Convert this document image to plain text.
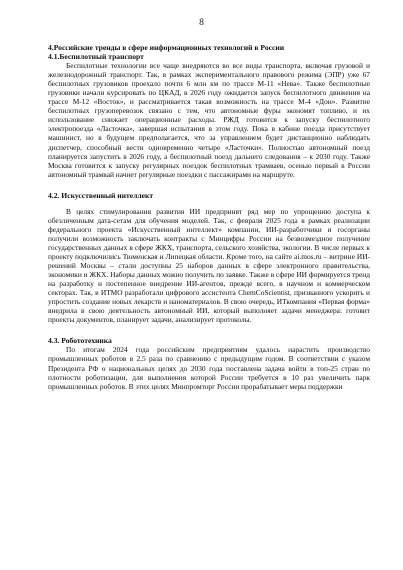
8
4.Российские тренды в сфере информационных технологий в России
4.1.Беспилотный транспорт

Беспилотные технологии все чаще внедряются во все виды транспорта, включая грузовой и железнодорожный транспорт. Так, в рамках экспериментального правового режима (ЭПР) уже 67 беспилотных грузовиков проехало почти 6 млн км по трассе М-11 «Нева». Также беспилотные грузовики начали курсировать по ЦКАД, в 2026 году ожидается запуск беспилотного движения на трассе М-12 «Восток», и рассматривается такая возможность на трассе М-4 «Дон». Развитие беспилотных грузоперевозок связано с тем, что автономные фуры экономят топливо, и их использование снижает операционные расходы. РЖД готовится к запуску беспилотного электропоезда «Ласточка», завершая испытания в этом году. Пока в кабине поезда присутствует машинист, но в будущем предполагается, что за управлением будет дистанционно наблюдать диспетчер, способный вести одновременно четыре «Ласточки». Полностью автономный поезд планируется запустить в 2026 году, а беспилотный поезд дальнего следования – к 2030 году. Также Москва готовится к запуску регулярных поездок беспилотных трамваев, осенью первый в России автономный трамвай начнет регулярные поездки с пассажирами на маршруте.

4.2. Искусственный интеллект

В целях стимулирования развития ИИ предпринят ряд мер по упрощению доступа к обезличенным дата-сетам для обучения моделей. Так, с февраля 2025 года в рамках реализации федерального проекта «Искусственный интеллект» компании, ИИ-разработчики и госорганы получили возможность заключать контракты с Минцифры России на безвозмездное получение государственных данных в сфере ЖКХ, транспорта, сельского хозяйства, экологии. В числе первых к проекту подключились Тюменская и Липецкая области. Кроме того, на сайте ai.mos.ru – витрине ИИ-решений Москвы – стали доступны 25 наборов данных в сфере электронного правительства, экономики и ЖКХ. Наборы данных можно получить по заявке. Также в сфере ИИ формируется тренд на разработку и постепенное внедрение ИИ-агентов, прежде всего, в научном и коммерческом секторах. Так, в ИТМО разработали цифрового ассистента ChemCoScientist, призванного ускорить и упростить создание новых лекарств и наноматериалов. В свою очередь, ИТкомпания «Первая форма» внедрила в свою деятельность автономный ИИ, который выполняет задачи менеджера: готовит проекты документов, планирует задачи, анализирует протоколы.

4.3. Робототехника

По итогам 2024 года российским предприятиям удалось нарастить производство промышленных роботов в 2,5 раза по сравнению с предыдущим годом. В соответствии с указом Президента РФ о национальных целях до 2030 года поставлена задача войти в топ-25 стран по плотности роботизации, для выполнения которой России требуется в 10 раз увеличить парк промышленных роботов. В этих целях Минпромторг России прорабатывает меры поддержки
